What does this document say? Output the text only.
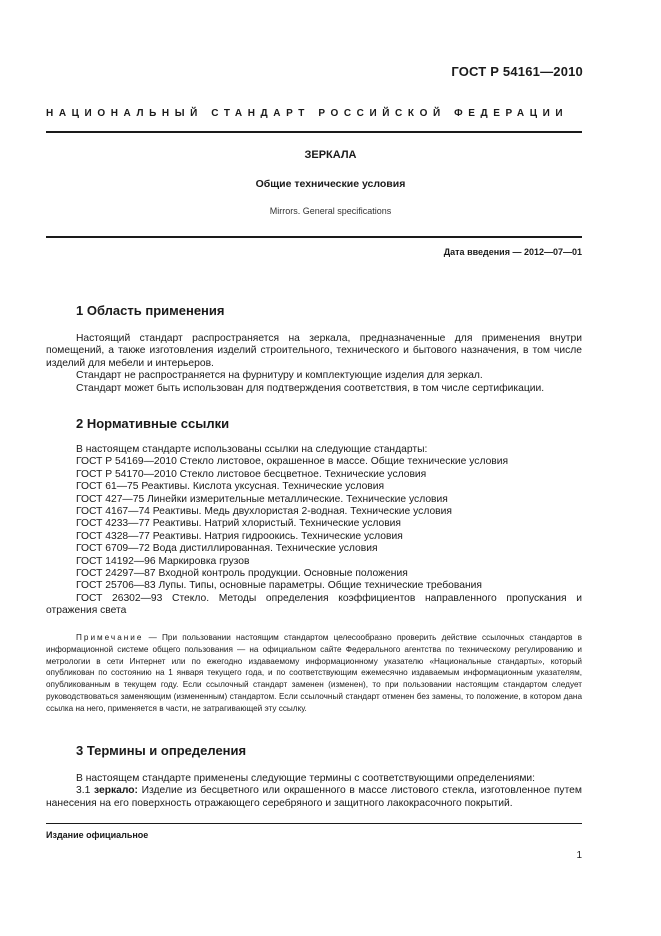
ГОСТ Р 54161—2010
НАЦИОНАЛЬНЫЙ СТАНДАРТ РОССИЙСКОЙ ФЕДЕРАЦИИ
ЗЕРКАЛА
Общие технические условия
Mirrors. General specifications
Дата введения — 2012—07—01
1 Область применения

Настоящий стандарт распространяется на зеркала, предназначенные для применения внутри помещений, а также изготовления изделий строительного, технического и бытового назначения, в том числе изделий для мебели и интерьеров.

Стандарт не распространяется на фурнитуру и комплектующие изделия для зеркал.

Стандарт может быть использован для подтверждения соответствия, в том числе сертификации.

2 Нормативные ссылки

В настоящем стандарте использованы ссылки на следующие стандарты:

ГОСТ Р 54169—2010 Стекло листовое, окрашенное в массе. Общие технические условия

ГОСТ Р 54170—2010 Стекло листовое бесцветное. Технические условия

ГОСТ 61—75 Реактивы. Кислота уксусная. Технические условия

ГОСТ 427—75 Линейки измерительные металлические. Технические условия

ГОСТ 4167—74 Реактивы. Медь двухлористая 2-водная. Технические условия

ГОСТ 4233—77 Реактивы. Натрий хлористый. Технические условия

ГОСТ 4328—77 Реактивы. Натрия гидроокись. Технические условия

ГОСТ 6709—72 Вода дистиллированная. Технические условия

ГОСТ 14192—96 Маркировка грузов

ГОСТ 24297—87 Входной контроль продукции. Основные положения

ГОСТ 25706—83 Лупы. Типы, основные параметры. Общие технические требования

ГОСТ 26302—93 Стекло. Методы определения коэффициентов направленного пропускания и отражения света

Примечание — При пользовании настоящим стандартом целесообразно проверить действие ссылочных стандартов в информационной системе общего пользования — на официальном сайте Федерального агентства по техническому регулированию и метрологии в сети Интернет или по ежегодно издаваемому информационному указателю «Национальные стандарты», который опубликован по состоянию на 1 января текущего года, и по соответствующим ежемесячно издаваемым информационным указателям, опубликованным в текущем году. Если ссылочный стандарт заменен (изменен), то при пользовании настоящим стандартом следует руководствоваться заменяющим (измененным) стандартом. Если ссылочный стандарт отменен без замены, то положение, в котором дана ссылка на него, применяется в части, не затрагивающей эту ссылку.

3 Термины и определения

В настоящем стандарте применены следующие термины с соответствующими определениями:

3.1 зеркало: Изделие из бесцветного или окрашенного в массе листового стекла, изготовленное путем нанесения на его поверхность отражающего серебряного и защитного лакокрасочного покрытий.

Издание официальное
1
